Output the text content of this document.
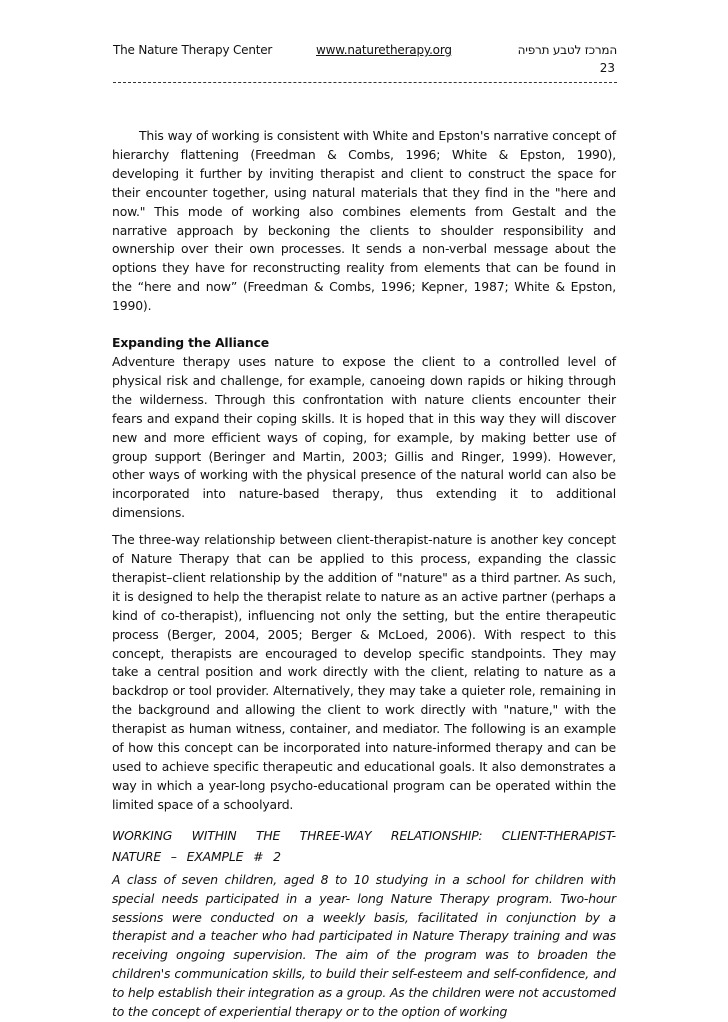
The Nature Therapy Center	www.naturetherapy.org	המרכז לטבע תרפיה
23

This way of working is consistent with White and Epston's narrative concept of hierarchy flattening (Freedman & Combs, 1996; White & Epston, 1990), developing it further by inviting therapist and client to construct the space for their encounter together, using natural materials that they find in the "here and now." This mode of working also combines elements from Gestalt and the narrative approach by beckoning the clients to shoulder responsibility and ownership over their own processes. It sends a non-verbal message about the options they have for reconstructing reality from elements that can be found in the “here and now” (Freedman & Combs, 1996; Kepner, 1987; White & Epston, 1990).

Expanding the Alliance

Adventure therapy uses nature to expose the client to a controlled level of physical risk and challenge, for example, canoeing down rapids or hiking through the wilderness. Through this confrontation with nature clients encounter their fears and expand their coping skills. It is hoped that in this way they will discover new and more efficient ways of coping, for example, by making better use of group support (Beringer and Martin, 2003; Gillis and Ringer, 1999). However, other ways of working with the physical presence of the natural world can also be incorporated into nature-based therapy, thus extending it to additional dimensions.

The three-way relationship between client-therapist-nature is another key concept of Nature Therapy that can be applied to this process, expanding the classic therapist–client relationship by the addition of "nature" as a third partner. As such, it is designed to help the therapist relate to nature as an active partner (perhaps a kind of co-therapist), influencing not only the setting, but the entire therapeutic process (Berger, 2004, 2005; Berger & McLoed, 2006). With respect to this concept, therapists are encouraged to develop specific standpoints. They may take a central position and work directly with the client, relating to nature as a backdrop or tool provider. Alternatively, they may take a quieter role, remaining in the background and allowing the client to work directly with "nature," with the therapist as human witness, container, and mediator. The following is an example of how this concept can be incorporated into nature-informed therapy and can be used to achieve specific therapeutic and educational goals. It also demonstrates a way in which a year-long psycho-educational program can be operated within the limited space of a schoolyard.

WORKING WITHIN THE THREE-WAY RELATIONSHIP: CLIENT-THERAPIST-NATURE – EXAMPLE # 2

A class of seven children, aged 8 to 10 studying in a school for children with special needs participated in a year- long Nature Therapy program. Two-hour sessions were conducted on a weekly basis, facilitated in conjunction by a therapist and a teacher who had participated in Nature Therapy training and was receiving ongoing supervision. The aim of the program was to broaden the children's communication skills, to build their self-esteem and self-confidence, and to help establish their integration as a group. As the children were not accustomed to the concept of experiential therapy or to the option of working
